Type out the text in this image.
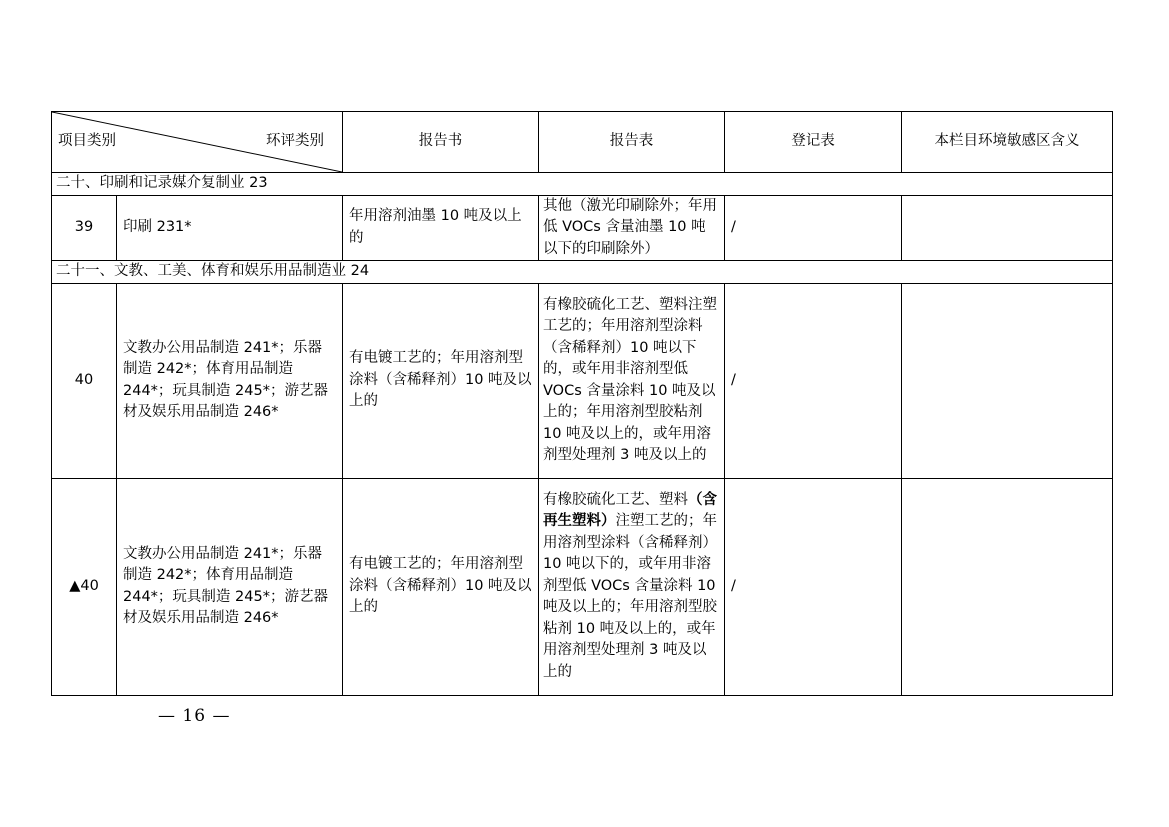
项目类别 环评类别		报告书	报告表	登记表	本栏目环境敏感区含义
二十、印刷和记录媒介复制业 23					
39	印刷 231*	年用溶剂油墨 10 吨及以上的	其他（激光印刷除外；年用低 VOCs 含量油墨 10 吨以下的印刷除外）	/	
二十一、文教、工美、体育和娱乐用品制造业 24					
40	文教办公用品制造 241*；乐器制造 242*；体育用品制造 244*；玩具制造 245*；游艺器材及娱乐用品制造 246*	有电镀工艺的；年用溶剂型涂料（含稀释剂）10 吨及以上的	有橡胶硫化工艺、塑料注塑工艺的；年用溶剂型涂料（含稀释剂）10 吨以下的，或年用非溶剂型低 VOCs 含量涂料 10 吨及以上的；年用溶剂型胶粘剂 10 吨及以上的，或年用溶剂型处理剂 3 吨及以上的	/	
▲40	文教办公用品制造 241*；乐器制造 242*；体育用品制造 244*；玩具制造 245*；游艺器材及娱乐用品制造 246*	有电镀工艺的；年用溶剂型涂料（含稀释剂）10 吨及以上的	有橡胶硫化工艺、塑料（含再生塑料）注塑工艺的；年用溶剂型涂料（含稀释剂）10 吨以下的，或年用非溶剂型低 VOCs 含量涂料 10 吨及以上的；年用溶剂型胶粘剂 10 吨及以上的，或年用溶剂型处理剂 3 吨及以上的	/	
— 16 —
